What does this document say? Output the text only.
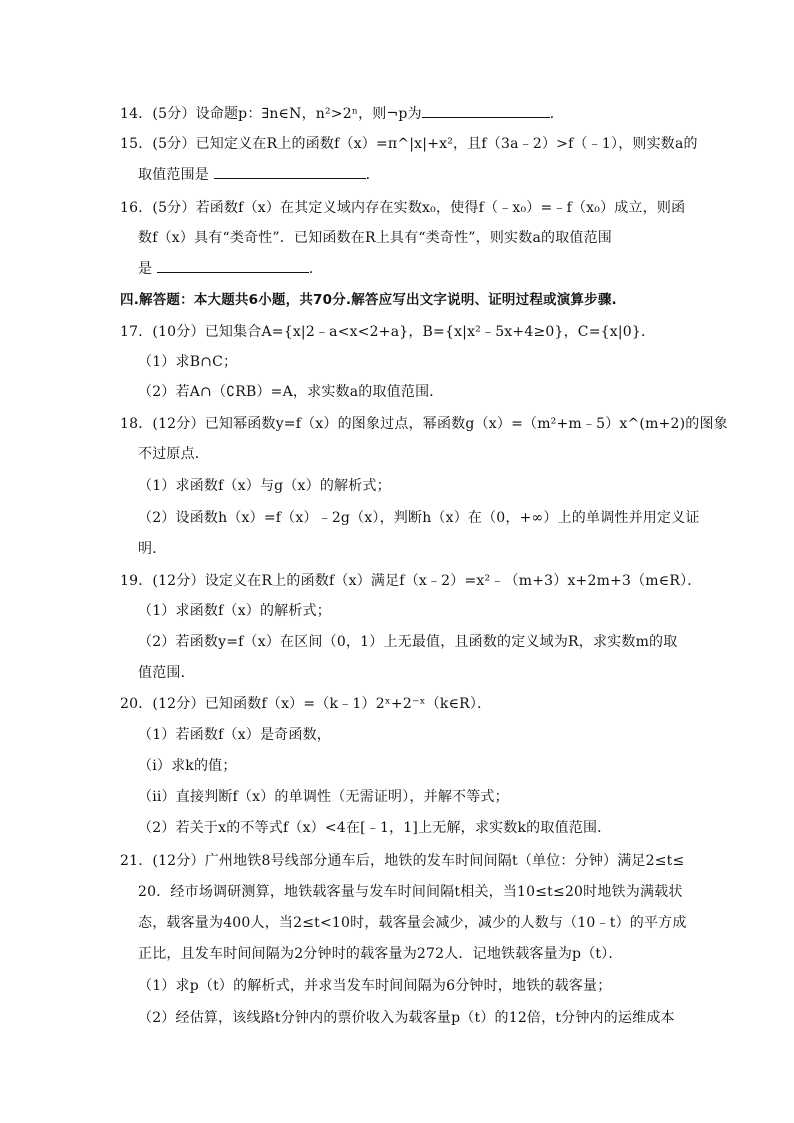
14．(5分）设命题p：∃n∈N，n²>2ⁿ，则¬p为	．
15．(5分）已知定义在R上的函数f（x）=π^|x|+x²，且f（3a﹣2）>f（﹣1），则实数a的
取值范围是	．
16．(5分）若函数f（x）在其定义域内存在实数x₀，使得f（﹣x₀）=﹣f（x₀）成立，则函
数f（x）具有“类奇性”．已知函数在R上具有“类奇性”，则实数a的取值范围
是	．
四.解答题：本大题共6小题，共70分.解答应写出文字说明、证明过程或演算步骤.
17．(10分）已知集合A={x|2﹣a<x<2+a}，B={x|x²﹣5x+4≥0}，C={x|0}．
（1）求B∩C；
（2）若A∩（∁RB）=A，求实数a的取值范围．
18．(12分）已知幂函数y=f（x）的图象过点，幂函数g（x）=（m²+m﹣5）x^(m+2)的图象
不过原点．
（1）求函数f（x）与g（x）的解析式；
（2）设函数h（x）=f（x）﹣2g（x），判断h（x）在（0，+∞）上的单调性并用定义证
明．
19．(12分）设定义在R上的函数f（x）满足f（x﹣2）=x²﹣（m+3）x+2m+3（m∈R）．
（1）求函数f（x）的解析式；
（2）若函数y=f（x）在区间（0，1）上无最值，且函数的定义域为R，求实数m的取
值范围．
20．(12分）已知函数f（x）=（k﹣1）2ˣ+2⁻ˣ（k∈R）．
（1）若函数f（x）是奇函数，
（i）求k的值；
（ii）直接判断f（x）的单调性（无需证明），并解不等式；
（2）若关于x的不等式f（x）<4在[﹣1，1]上无解，求实数k的取值范围．
21．(12分）广州地铁8号线部分通车后，地铁的发车时间间隔t（单位：分钟）满足2≤t≤
20．经市场调研测算，地铁载客量与发车时间间隔t相关，当10≤t≤20时地铁为满载状
态，载客量为400人，当2≤t<10时，载客量会减少，减少的人数与（10﹣t）的平方成
正比，且发车时间间隔为2分钟时的载客量为272人．记地铁载客量为p（t）．
（1）求p（t）的解析式，并求当发车时间间隔为6分钟时，地铁的载客量；
（2）经估算，该线路t分钟内的票价收入为载客量p（t）的12倍，t分钟内的运维成本
